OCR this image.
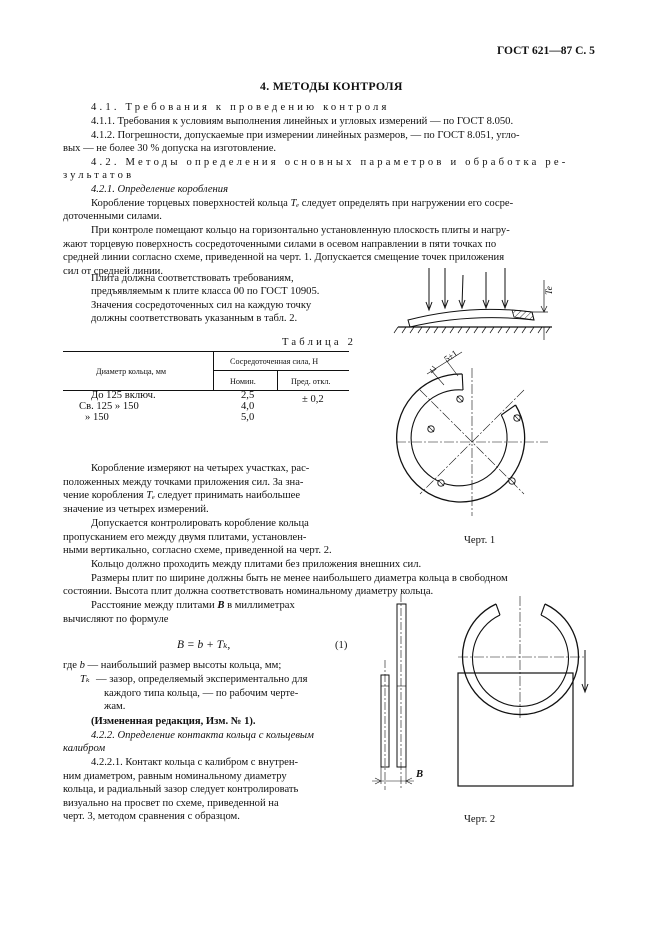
ГОСТ 621—87 С. 5
4. МЕТОДЫ КОНТРОЛЯ
4.1. Требования к проведению контроля
4.1.1. Требования к условиям выполнения линейных и угловых измерений — по ГОСТ 8.050.
4.1.2. Погрешности, допускаемые при измерении линейных размеров, — по ГОСТ 8.051, угло-
вых — не более 30 % допуска на изготовление.
4.2. Методы определения основных параметров и обработка ре-
зультатов
4.2.1. Определение коробления
Коробление торцевых поверхностей кольца Tₑ следует определять при нагружении его сосре-
доточенными силами.
При контроле помещают кольцо на горизонтально установленную плоскость плиты и нагру-
жают торцевую поверхность сосредоточенными силами в осевом направлении в пяти точках по
средней линии согласно схеме, приведенной на черт. 1. Допускается смещение точек приложения
сил от средней линии.
Плита должна соответствовать требованиям,
предъявляемым к плите класса 00 по ГОСТ 10905.
Значения сосредоточенных сил на каждую точку
должны соответствовать указанным в табл. 2.
Таблица 2
Диаметр кольца, мм
Сосредоточенная сила, Н
Номин.	Пред. откл.
До 125 включ.	2,5
Св. 125 » 150	4,0
» 150	5,0
± 0,2
Коробление измеряют на четырех участках, рас-
положенных между точками приложения сил. За зна-
чение коробления Tₑ следует принимать наибольшее
значение из четырех измерений.
Допускается контролировать коробление кольца
пропусканием его между двумя плитами, установлен-
ными вертикально, согласно схеме, приведенной на черт. 2.
Кольцо должно проходить между плитами без приложения внешних сил.
Размеры плит по ширине должны быть не менее наибольшего диаметра кольца в свободном
состоянии. Высота плит должна соответствовать номинальному диаметру кольца.
Расстояние между плитами B в миллиметрах
вычисляют по формуле
B = b + Tₖ,	(1)
где b — наибольший размер высоты кольца, мм;
Tₖ — зазор, определяемый экспериментально для
каждого типа кольца, — по рабочим черте-
жам.
(Измененная редакция, Изм. № 1).
4.2.2. Определение контакта кольца с кольцевым
калибром
4.2.2.1. Контакт кольца с калибром с внутрен-
ним диаметром, равным номинальному диаметру
кольца, и радиальный зазор следует контролировать
визуально на просвет по схеме, приведенной на
черт. 3, методом сравнения с образцом.
Te
5±1
Черт. 1
B
Черт. 2
